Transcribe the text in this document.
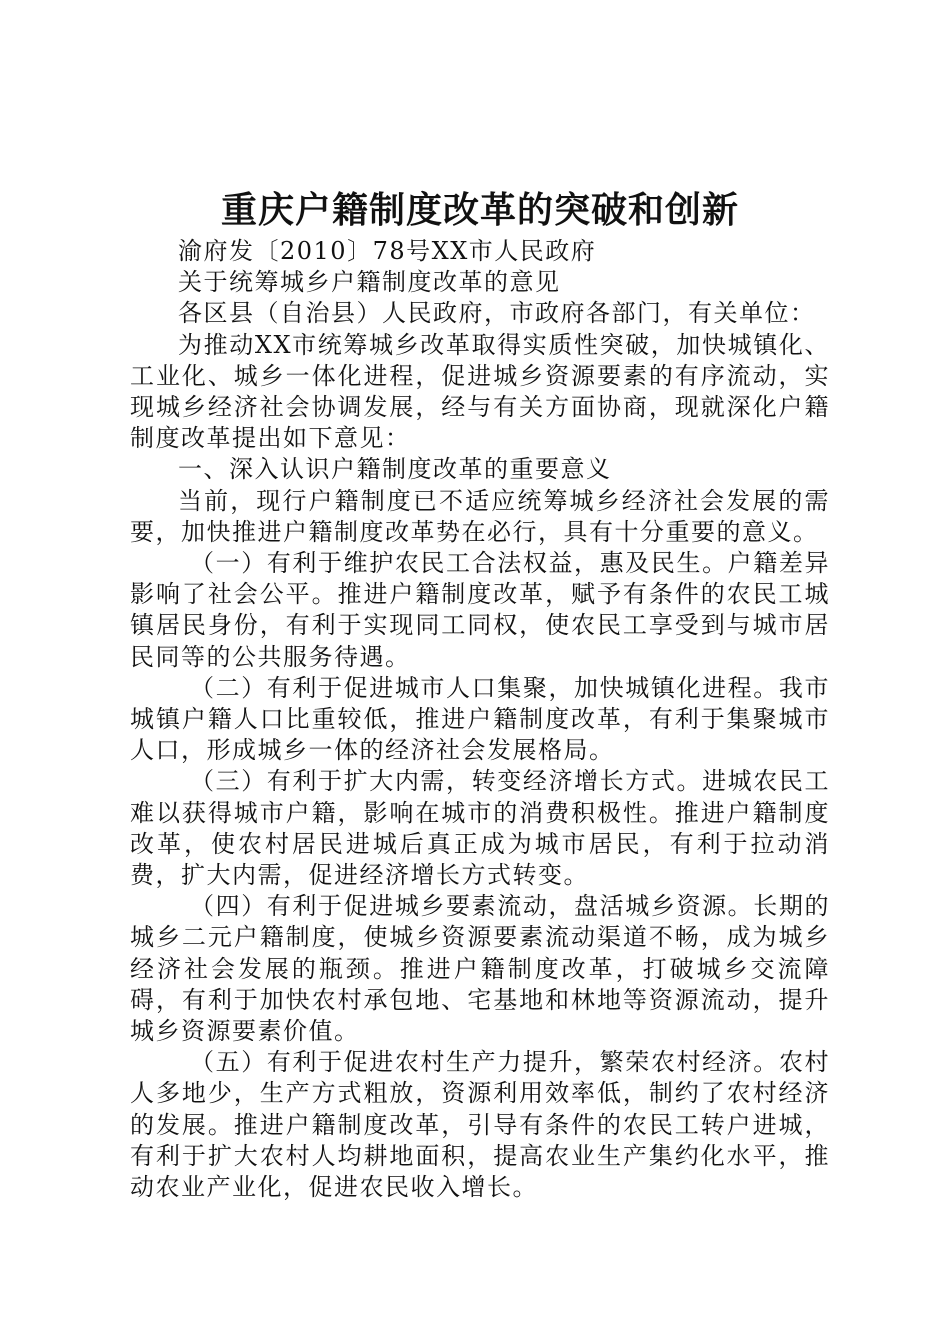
重庆户籍制度改革的突破和创新

渝府发〔2010〕78号XX市人民政府

关于统筹城乡户籍制度改革的意见

各区县（自治县）人民政府，市政府各部门，有关单位：

为推动XX市统筹城乡改革取得实质性突破，加快城镇化、工业化、城乡一体化进程，促进城乡资源要素的有序流动，实现城乡经济社会协调发展，经与有关方面协商，现就深化户籍制度改革提出如下意见：

一、深入认识户籍制度改革的重要意义

当前，现行户籍制度已不适应统筹城乡经济社会发展的需要，加快推进户籍制度改革势在必行，具有十分重要的意义。

（一）有利于维护农民工合法权益，惠及民生。户籍差异影响了社会公平。推进户籍制度改革，赋予有条件的农民工城镇居民身份，有利于实现同工同权，使农民工享受到与城市居民同等的公共服务待遇。

（二）有利于促进城市人口集聚，加快城镇化进程。我市城镇户籍人口比重较低，推进户籍制度改革，有利于集聚城市人口，形成城乡一体的经济社会发展格局。

（三）有利于扩大内需，转变经济增长方式。进城农民工难以获得城市户籍，影响在城市的消费积极性。推进户籍制度改革，使农村居民进城后真正成为城市居民，有利于拉动消费，扩大内需，促进经济增长方式转变。

（四）有利于促进城乡要素流动，盘活城乡资源。长期的城乡二元户籍制度，使城乡资源要素流动渠道不畅，成为城乡经济社会发展的瓶颈。推进户籍制度改革，打破城乡交流障碍，有利于加快农村承包地、宅基地和林地等资源流动，提升城乡资源要素价值。

（五）有利于促进农村生产力提升，繁荣农村经济。农村人多地少，生产方式粗放，资源利用效率低，制约了农村经济的发展。推进户籍制度改革，引导有条件的农民工转户进城，有利于扩大农村人均耕地面积，提高农业生产集约化水平，推动农业产业化，促进农民收入增长。
